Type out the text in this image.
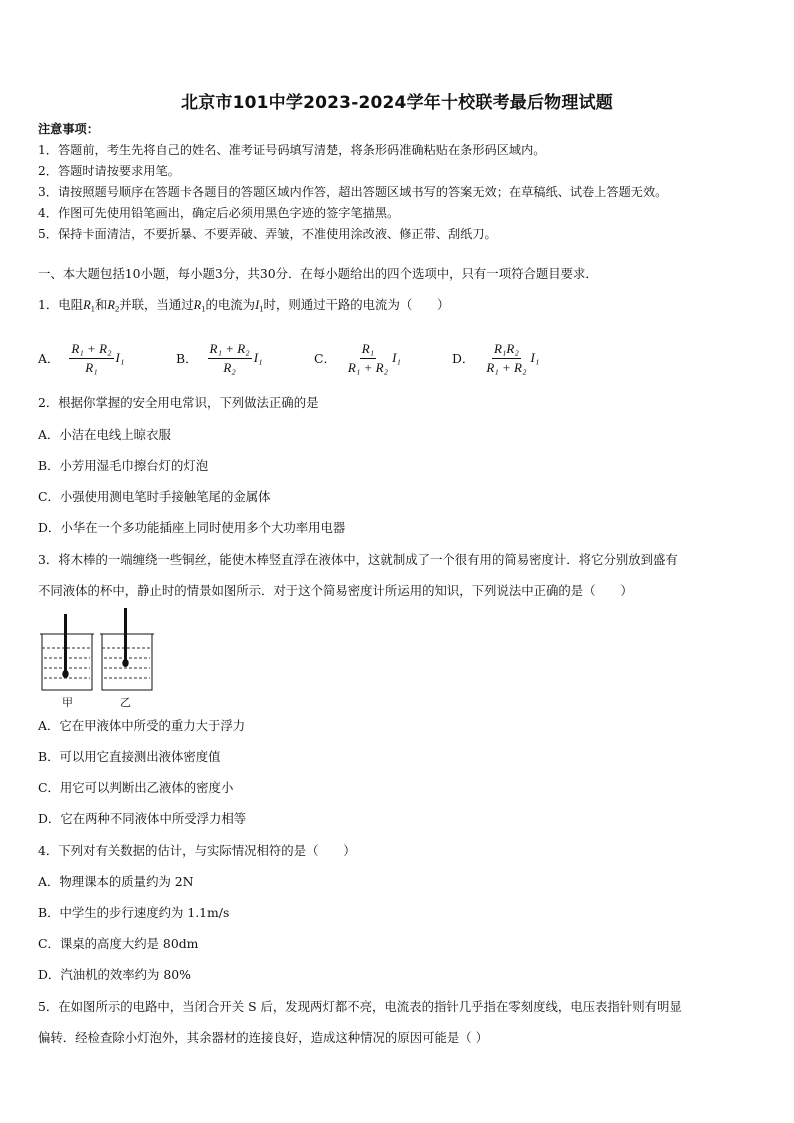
北京市101中学2023-2024学年十校联考最后物理试题
注意事项：
1．答题前，考生先将自己的姓名、准考证号码填写清楚，将条形码准确粘贴在条形码区域内。
2．答题时请按要求用笔。
3．请按照题号顺序在答题卡各题目的答题区域内作答，超出答题区域书写的答案无效；在草稿纸、试卷上答题无效。
4．作图可先使用铅笔画出，确定后必须用黑色字迹的签字笔描黑。
5．保持卡面清洁，不要折暴、不要弄破、弄皱，不准使用涂改液、修正带、刮纸刀。
一、本大题包括10小题，每小题3分，共30分．在每小题给出的四个选项中，只有一项符合题目要求．
1．电阻$R_1$和$R_2$并联，当通过$R_1$的电流为$I_1$时，则通过干路的电流为（　　）
A． $\frac{\text{R₁ + R₂}}{\text{R₁}} I_1$	B． $\frac{\text{R₁ + R₂}}{\text{R₂}} I_1$	C． $\frac{\text{R₁}}{\text{R₁ + R₂}} I_1$	D． $\frac{\text{R₁R₂}}{\text{R₁ + R₂}} I_1$
2．根据你掌握的安全用电常识，下列做法正确的是
A．小洁在电线上晾衣服
B．小芳用湿毛巾擦台灯的灯泡
C．小强使用测电笔时手接触笔尾的金属体
D．小华在一个多功能插座上同时使用多个大功率用电器
3．将木棒的一端缠绕一些铜丝，能使木棒竖直浮在液体中，这就制成了一个很有用的简易密度计．将它分别放到盛有
不同液体的杯中，静止时的情景如图所示．对于这个简易密度计所运用的知识，下列说法中正确的是（　　）
甲	乙
A．它在甲液体中所受的重力大于浮力
B．可以用它直接测出液体密度值
C．用它可以判断出乙液体的密度小
D．它在两种不同液体中所受浮力相等
4．下列对有关数据的估计，与实际情况相符的是（　　）
A．物理课本的质量约为 2N
B．中学生的步行速度约为 1.1m/s
C．课桌的高度大约是 80dm
D．汽油机的效率约为 80%
5．在如图所示的电路中，当闭合开关 S 后，发现两灯都不亮，电流表的指针几乎指在零刻度线，电压表指针则有明显
偏转．经检查除小灯泡外，其余器材的连接良好，造成这种情况的原因可能是（ ）
